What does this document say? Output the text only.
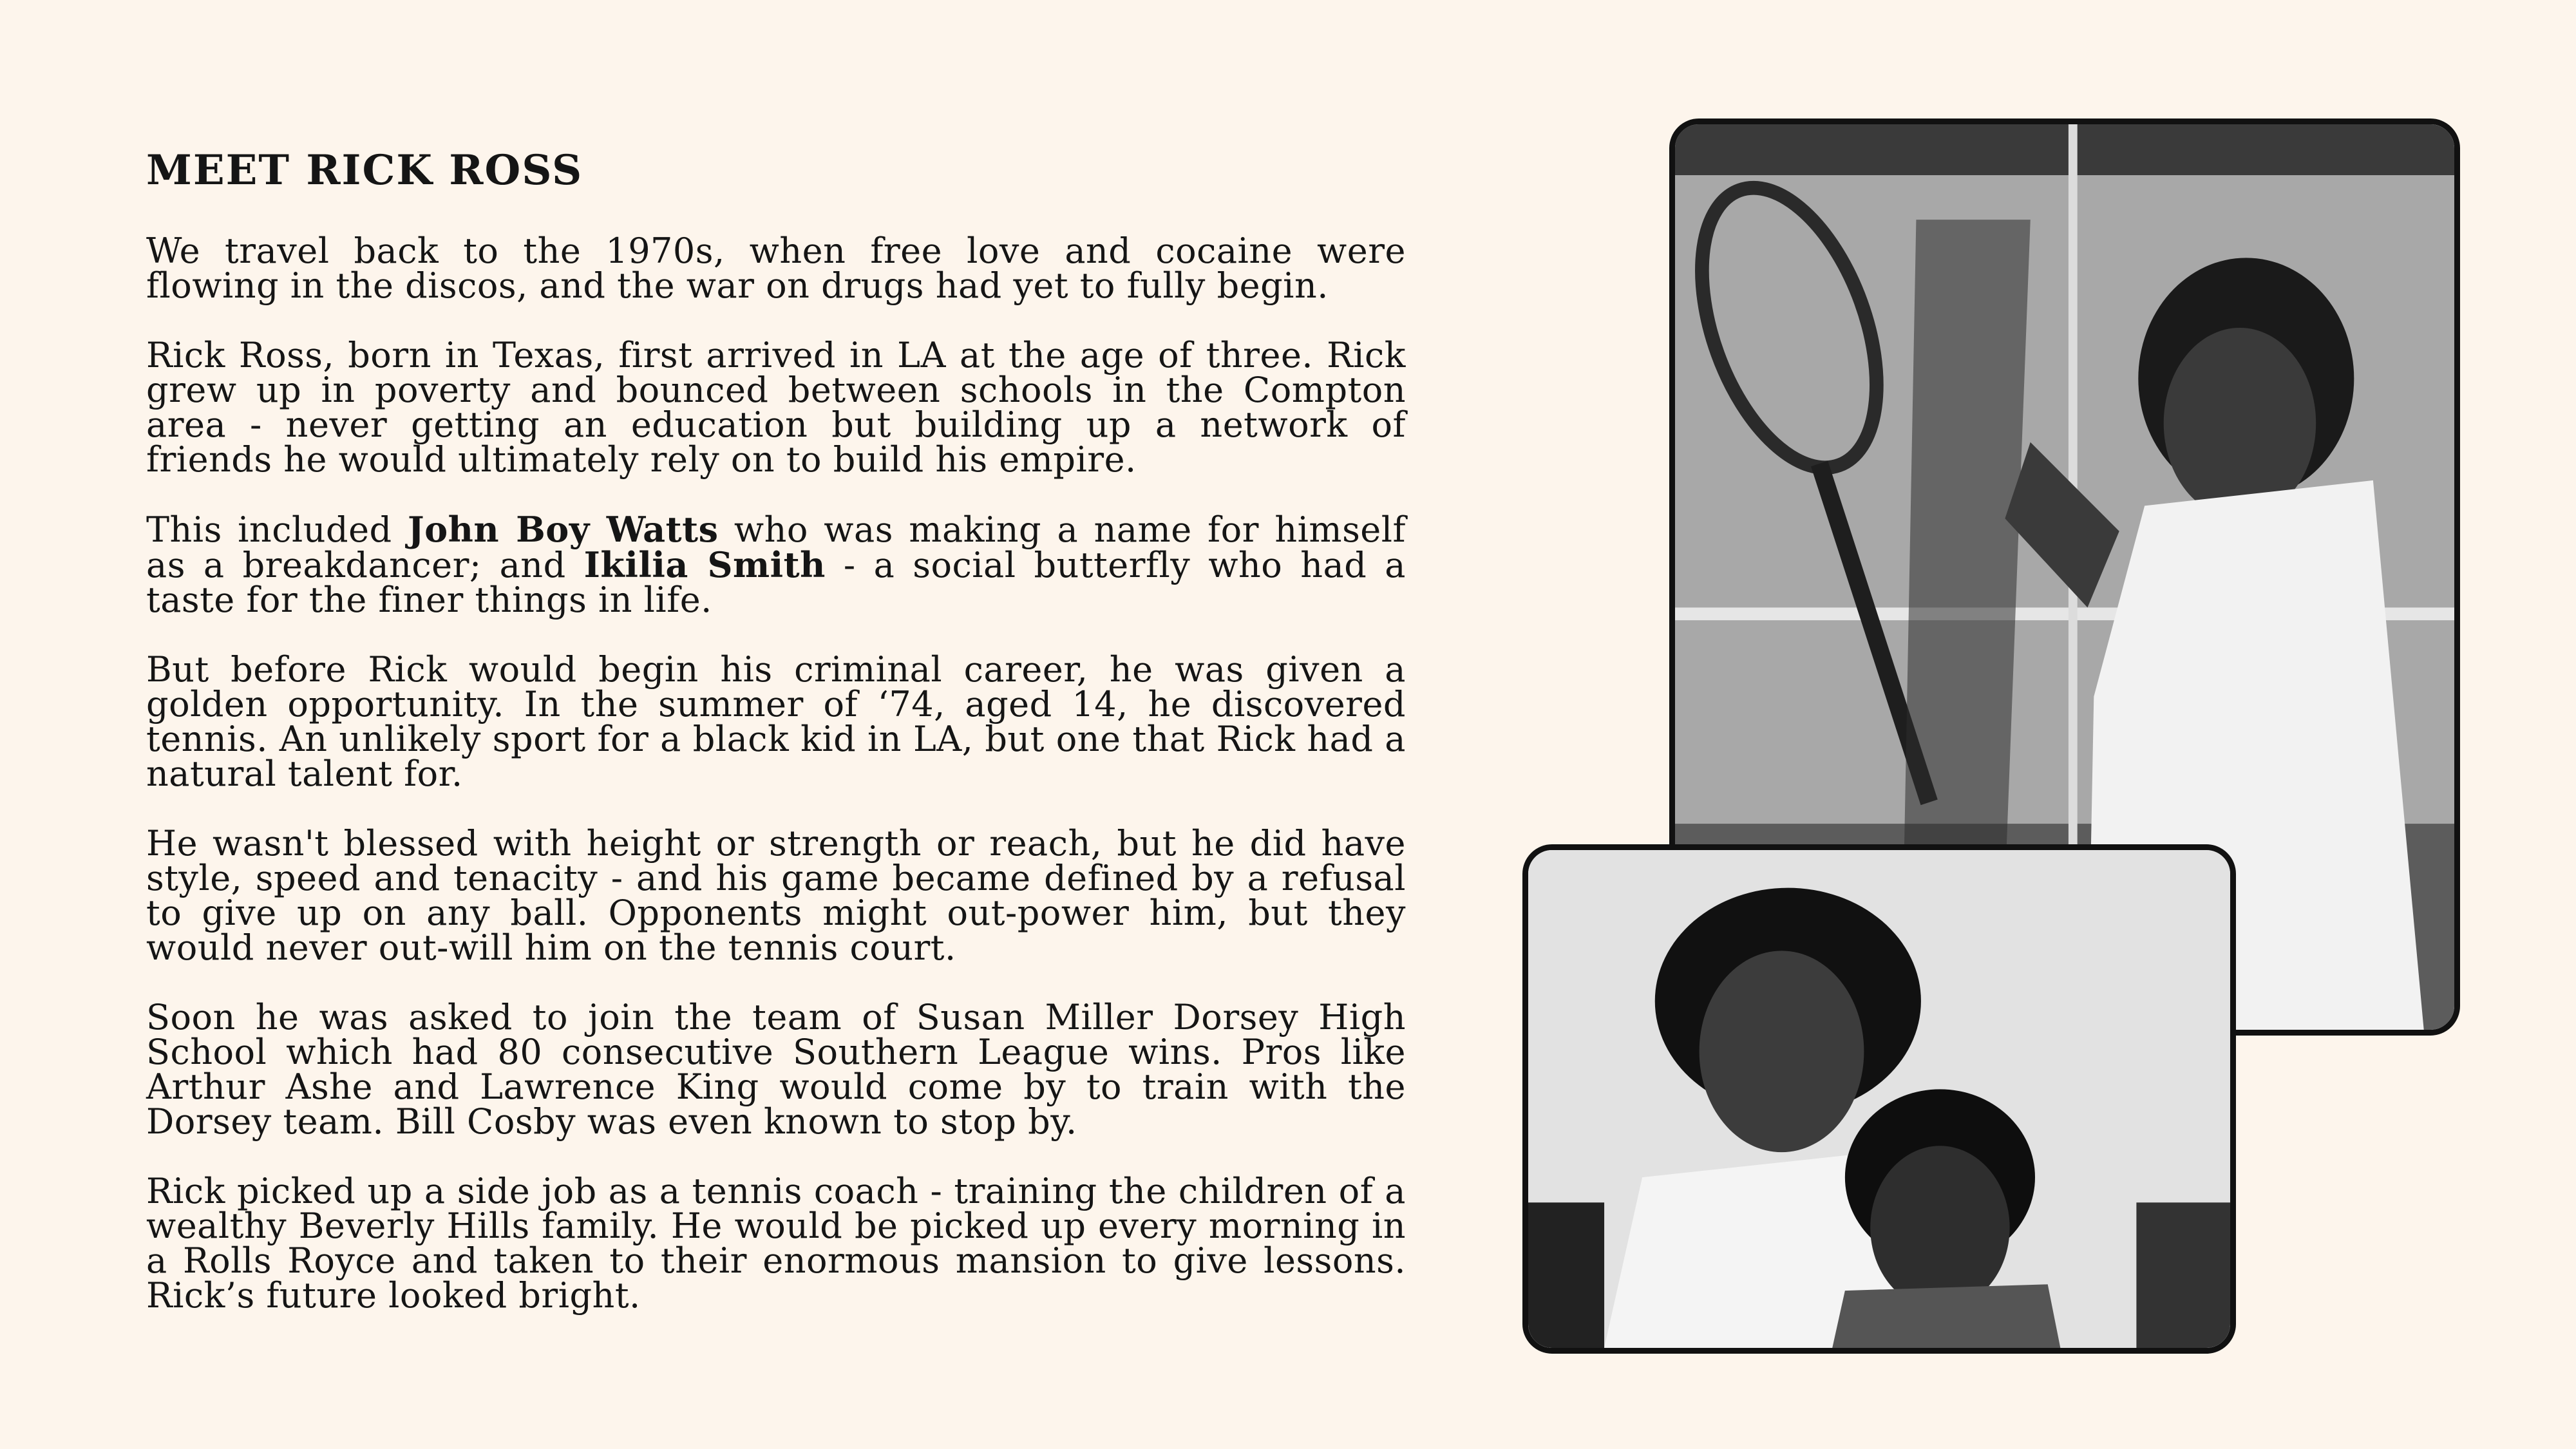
MEET RICK ROSS

We travel back to the 1970s, when free love and cocaine were flowing in the discos, and the war on drugs had yet to fully begin.

Rick Ross, born in Texas, first arrived in LA at the age of three. Rick grew up in poverty and bounced between schools in the Compton area - never getting an education but building up a network of friends he would ultimately rely on to build his empire.

This included John Boy Watts who was making a name for himself as a breakdancer; and Ikilia Smith - a social butterfly who had a taste for the finer things in life.

But before Rick would begin his criminal career, he was given a golden opportunity. In the summer of ‘74, aged 14, he discovered tennis. An unlikely sport for a black kid in LA, but one that Rick had a natural talent for.

He wasn't blessed with height or strength or reach, but he did have style, speed and tenacity - and his game became defined by a refusal to give up on any ball. Opponents might out-power him, but they would never out-will him on the tennis court.

Soon he was asked to join the team of Susan Miller Dorsey High School which had 80 consecutive Southern League wins. Pros like Arthur Ashe and Lawrence King would come by to train with the Dorsey team. Bill Cosby was even known to stop by.

Rick picked up a side job as a tennis coach - training the children of a wealthy Beverly Hills family. He would be picked up every morning in a Rolls Royce and taken to their enormous mansion to give lessons. Rick’s future looked bright.
